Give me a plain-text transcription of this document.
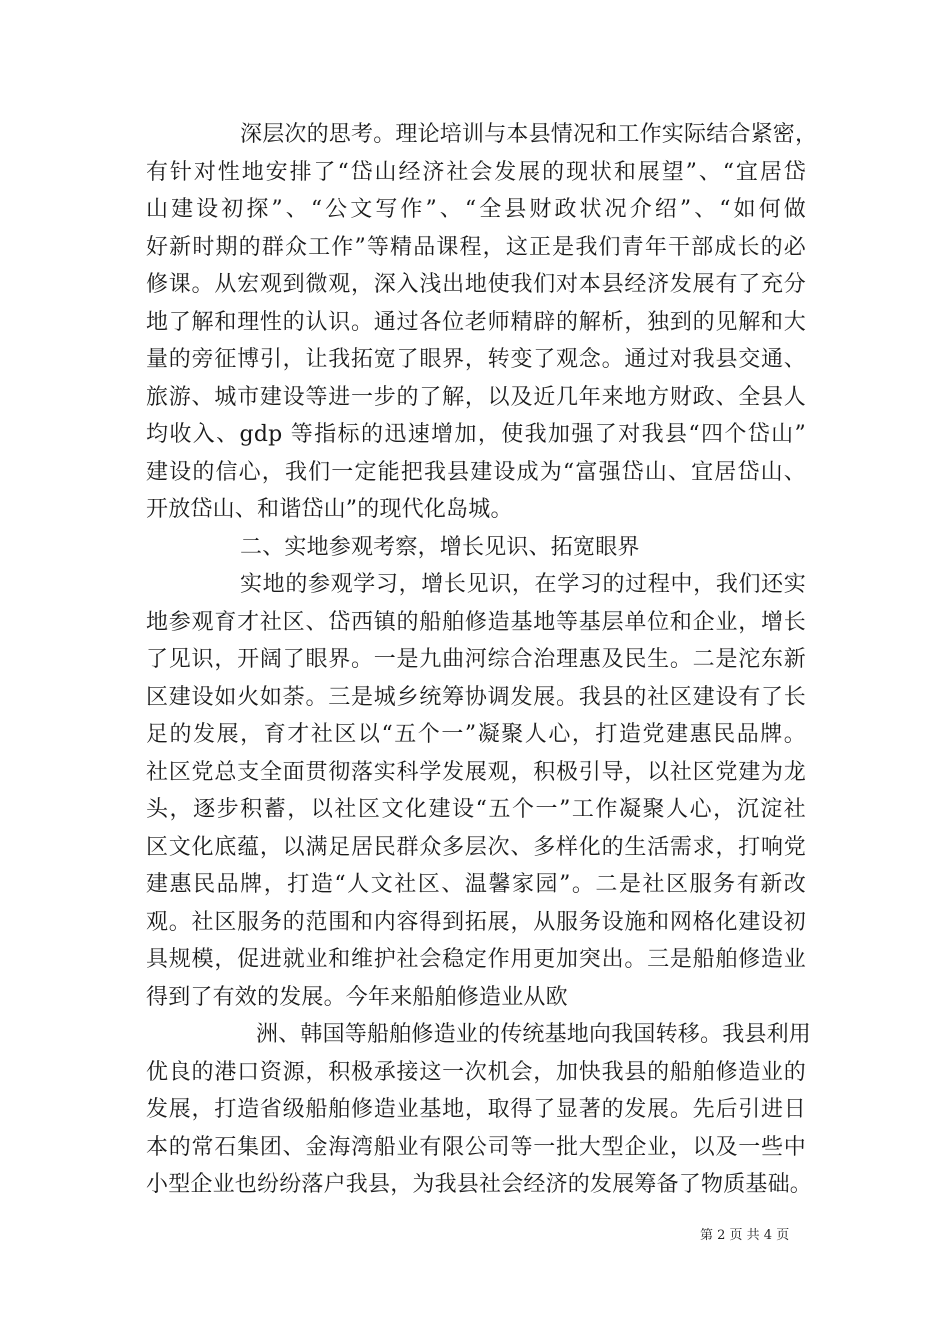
深层次的思考。理论培训与本县情况和工作实际结合紧密，
有针对性地安排了“岱山经济社会发展的现状和展望”、“宜居岱
山建设初探”、“公文写作”、“全县财政状况介绍”、“如何做
好新时期的群众工作”等精品课程，这正是我们青年干部成长的必
修课。从宏观到微观，深入浅出地使我们对本县经济发展有了充分
地了解和理性的认识。通过各位老师精辟的解析，独到的见解和大
量的旁征博引，让我拓宽了眼界，转变了观念。通过对我县交通、
旅游、城市建设等进一步的了解，以及近几年来地方财政、全县人
均收入、gdp 等指标的迅速增加，使我加强了对我县“四个岱山”
建设的信心，我们一定能把我县建设成为“富强岱山、宜居岱山、
开放岱山、和谐岱山”的现代化岛城。
二、实地参观考察，增长见识、拓宽眼界
实地的参观学习，增长见识，在学习的过程中，我们还实
地参观育才社区、岱西镇的船舶修造基地等基层单位和企业，增长
了见识，开阔了眼界。一是九曲河综合治理惠及民生。二是沱东新
区建设如火如荼。三是城乡统筹协调发展。我县的社区建设有了长
足的发展，育才社区以“五个一”凝聚人心，打造党建惠民品牌。
社区党总支全面贯彻落实科学发展观，积极引导，以社区党建为龙
头，逐步积蓄，以社区文化建设“五个一”工作凝聚人心，沉淀社
区文化底蕴，以满足居民群众多层次、多样化的生活需求，打响党
建惠民品牌，打造“人文社区、温馨家园”。二是社区服务有新改
观。社区服务的范围和内容得到拓展，从服务设施和网格化建设初
具规模，促进就业和维护社会稳定作用更加突出。三是船舶修造业
得到了有效的发展。今年来船舶修造业从欧
洲、韩国等船舶修造业的传统基地向我国转移。我县利用
优良的港口资源，积极承接这一次机会，加快我县的船舶修造业的
发展，打造省级船舶修造业基地，取得了显著的发展。先后引进日
本的常石集团、金海湾船业有限公司等一批大型企业，以及一些中
小型企业也纷纷落户我县，为我县社会经济的发展筹备了物质基础。
第 2 页 共 4 页
